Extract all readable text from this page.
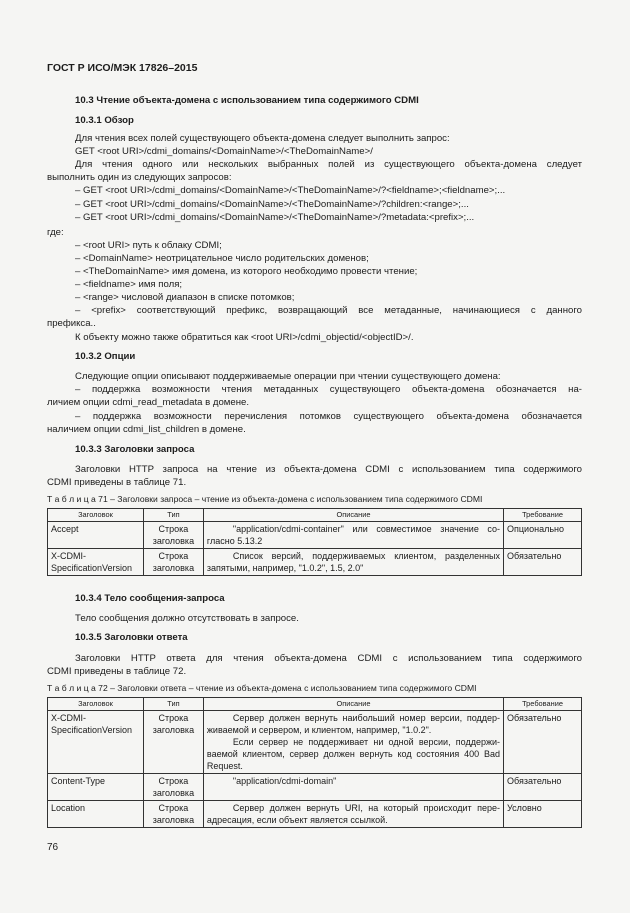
ГОСТ Р ИСО/МЭК 17826–2015
10.3 Чтение объекта-домена с использованием типа содержимого CDMI
10.3.1 Обзор
Для чтения всех полей существующего объекта-домена следует выполнить запрос:
GET <root URI>/cdmi_domains/<DomainName>/<TheDomainName>/
Для чтения одного или нескольких выбранных полей из существующего объекта-домена следует
выполнить один из следующих запросов:
– GET <root URI>/cdmi_domains/<DomainName>/<TheDomainName>/?<fieldname>;<fieldname>;...
– GET <root URI>/cdmi_domains/<DomainName>/<TheDomainName>/?children:<range>;...
– GET <root URI>/cdmi_domains/<DomainName>/<TheDomainName>/?metadata:<prefix>;...
где:
– <root URI> путь к облаку CDMI;
– <DomainName> неотрицательное число родительских доменов;
– <TheDomainName> имя домена, из которого необходимо провести чтение;
– <fieldname> имя поля;
– <range> числовой диапазон в списке потомков;
– <prefix> соответствующий префикс, возвращающий все метаданные, начинающиеся с данного
префикса..
К объекту можно также обратиться как <root URI>/cdmi_objectid/<objectID>/.
10.3.2 Опции
Следующие опции описывают поддерживаемые операции при чтении существующего домена:
– поддержка возможности чтения метаданных существующего объекта-домена обозначается на-
личием опции cdmi_read_metadata в домене.
– поддержка возможности перечисления потомков существующего объекта-домена обозначается
наличием опции cdmi_list_children в домене.
10.3.3 Заголовки запроса
Заголовки HTTP запроса на чтение из объекта-домена CDMI с использованием типа содержимого
CDMI приведены в таблице 71.
Т а б л и ц а 71 – Заголовки запроса – чтение из объекта-домена с использованием типа содержимого CDMI
Заголовок	Тип	Описание	Требование
Accept	Строка заголовка	"application/cdmi-container" или совместимое значение со-гласно 5.13.2	Опционально
X-CDMI-SpecificationVersion	Строка заголовка	Список версий, поддерживаемых клиентом, разделенных запятыми, например, "1.0.2", 1.5, 2.0"	Обязательно
10.3.4 Тело сообщения-запроса
Тело сообщения должно отсутствовать в запросе.
10.3.5 Заголовки ответа
Заголовки HTTP ответа для чтения объекта-домена CDMI с использованием типа содержимого
CDMI приведены в таблице 72.
Т а б л и ц а 72 – Заголовки ответа – чтение из объекта-домена с использованием типа содержимого CDMI
Заголовок	Тип	Описание	Требование
X-CDMI-SpecificationVersion	Строка заголовка	Сервер должен вернуть наибольший номер версии, поддер-живаемой и сервером, и клиентом, например, "1.0.2".

Если сервер не поддерживает ни одной версии, поддержи-ваемой клиентом, сервер должен вернуть код состояния 400 Bad Request.	Обязательно
Content-Type	Строка заголовка	"application/cdmi-domain"	Обязательно
Location	Строка заголовка	Сервер должен вернуть URI, на который происходит пере-адресация, если объект является ссылкой.	Условно
76
